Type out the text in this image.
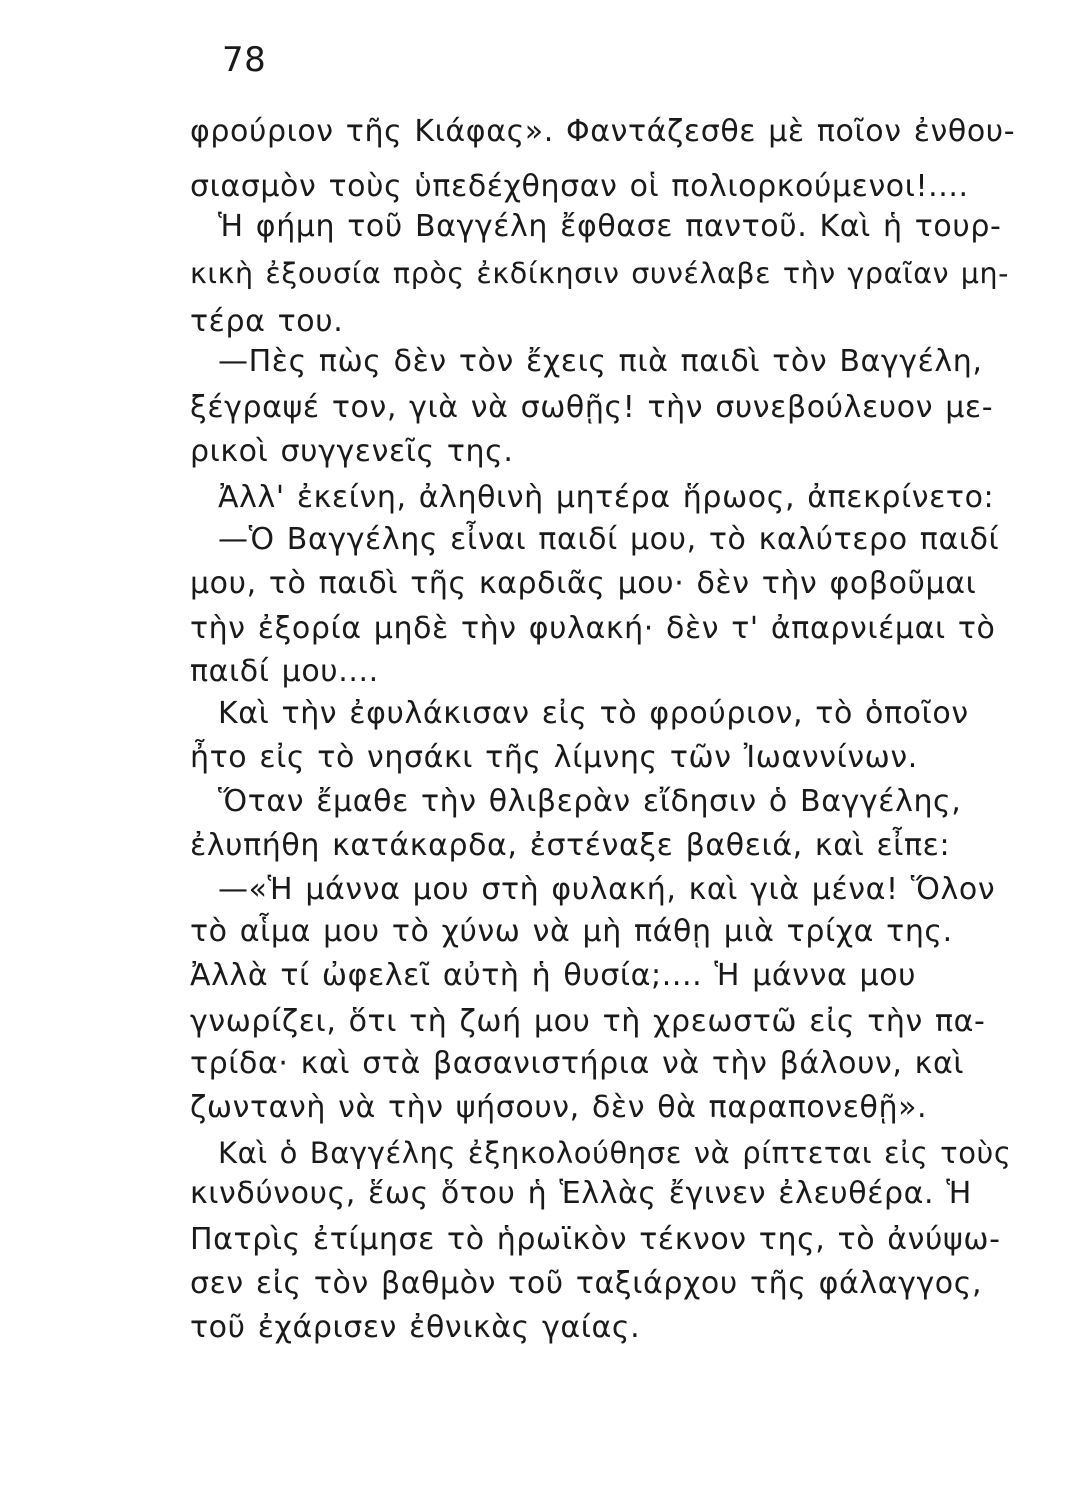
78
φρούριον τῆς Κιάφας». Φαντάζεσθε μὲ ποῖον ἐνθου-
σιασμὸν τοὺς ὑπεδέχθησαν οἱ πολιορκούμενοι!....
Ἡ φήμη τοῦ Βαγγέλη ἔφθασε παντοῦ. Καὶ ἡ τουρ-
κικὴ ἐξουσία πρὸς ἐκδίκησιν συνέλαβε τὴν γραῖαν μη-
τέρα του.
—Πὲς πὼς δὲν τὸν ἔχεις πιὰ παιδὶ τὸν Βαγγέλη,
ξέγραψέ τον, γιὰ νὰ σωθῇς! τὴν συνεβούλευον με-
ρικοὶ συγγενεῖς της.
Ἀλλ' ἐκείνη, ἀληθινὴ μητέρα ἥρωος, ἀπεκρίνετο:
—Ὁ Βαγγέλης εἶναι παιδί μου, τὸ καλύτερο παιδί
μου, τὸ παιδὶ τῆς καρδιᾶς μου· δὲν τὴν φοβοῦμαι
τὴν ἐξορία μηδὲ τὴν φυλακή· δὲν τ' ἀπαρνιέμαι τὸ
παιδί μου....
Καὶ τὴν ἐφυλάκισαν εἰς τὸ φρούριον, τὸ ὁποῖον
ἦτο εἰς τὸ νησάκι τῆς λίμνης τῶν Ἰωαννίνων.
Ὅταν ἔμαθε τὴν θλιβερὰν εἴδησιν ὁ Βαγγέλης,
ἐλυπήθη κατάκαρδα, ἐστέναξε βαθειά, καὶ εἶπε:
—«Ἡ μάννα μου στὴ φυλακή, καὶ γιὰ μένα! Ὅλον
τὸ αἷμα μου τὸ χύνω νὰ μὴ πάθῃ μιὰ τρίχα της.
Ἀλλὰ τί ὠφελεῖ αὐτὴ ἡ θυσία;.... Ἡ μάννα μου
γνωρίζει, ὅτι τὴ ζωή μου τὴ χρεωστῶ εἰς τὴν πα-
τρίδα· καὶ στὰ βασανιστήρια νὰ τὴν βάλουν, καὶ
ζωντανὴ νὰ τὴν ψήσουν, δὲν θὰ παραπονεθῇ».
Καὶ ὁ Βαγγέλης ἐξηκολούθησε νὰ ρίπτεται εἰς τοὺς
κινδύνους, ἕως ὅτου ἡ Ἑλλὰς ἔγινεν ἐλευθέρα. Ἡ
Πατρὶς ἐτίμησε τὸ ἡρωϊκὸν τέκνον της, τὸ ἀνύψω-
σεν εἰς τὸν βαθμὸν τοῦ ταξιάρχου τῆς φάλαγγος,
τοῦ ἐχάρισεν ἐθνικὰς γαίας.
